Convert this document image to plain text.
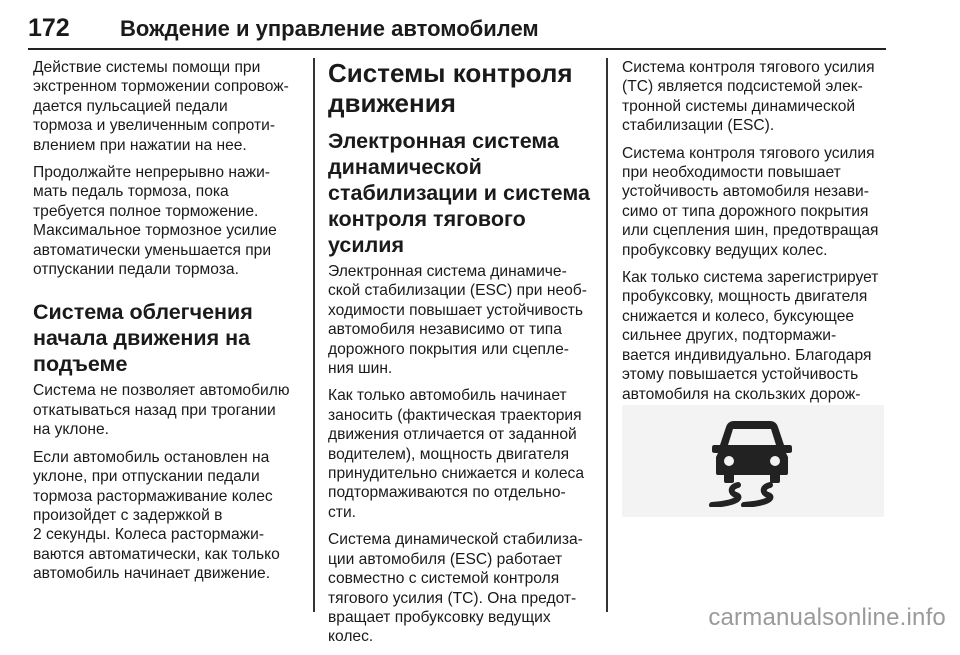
172 Вождение и управление автомобилем

Действие системы помощи при
экстренном торможении сопровож-
дается пульсацией педали
тормоза и увеличенным сопроти-
влением при нажатии на нее.

Продолжайте непрерывно нажи-
мать педаль тормоза, пока
требуется полное торможение.
Максимальное тормозное усилие
автоматически уменьшается при
отпускании педали тормоза.

Система облегчения
начала движения на
подъеме

Система не позволяет автомобилю
откатываться назад при трогании
на уклоне.

Если автомобиль остановлен на
уклоне, при отпускании педали
тормоза растормаживание колес
произойдет с задержкой в
2 секунды. Колеса растормажи-
ваются автоматически, как только
автомобиль начинает движение.

Системы контроля
движения
Электронная система
динамической
стабилизации и система
контроля тягового усилия

Электронная система динамиче-
ской стабилизации (ESC) при необ-
ходимости повышает устойчивость
автомобиля независимо от типа
дорожного покрытия или сцепле-
ния шин.

Как только автомобиль начинает
заносить (фактическая траектория
движения отличается от заданной
водителем), мощность двигателя
принудительно снижается и колеса
подтормаживаются по отдельно-
сти.

Система динамической стабилиза-
ции автомобиля (ESC) работает
совместно с системой контроля
тягового усилия (TC). Она предот-
вращает пробуксовку ведущих
колес.

Система контроля тягового усилия
(TC) является подсистемой элек-
тронной системы динамической
стабилизации (ESC).

Система контроля тягового усилия
при необходимости повышает
устойчивость автомобиля незави-
симо от типа дорожного покрытия
или сцепления шин, предотвращая
пробуксовку ведущих колес.

Как только система зарегистрирует
пробуксовку, мощность двигателя
снижается и колесо, буксующее
сильнее других, подтормажи-
вается индивидуально. Благодаря
этому повышается устойчивость
автомобиля на скользких дорож-

carmanualsonline.info
